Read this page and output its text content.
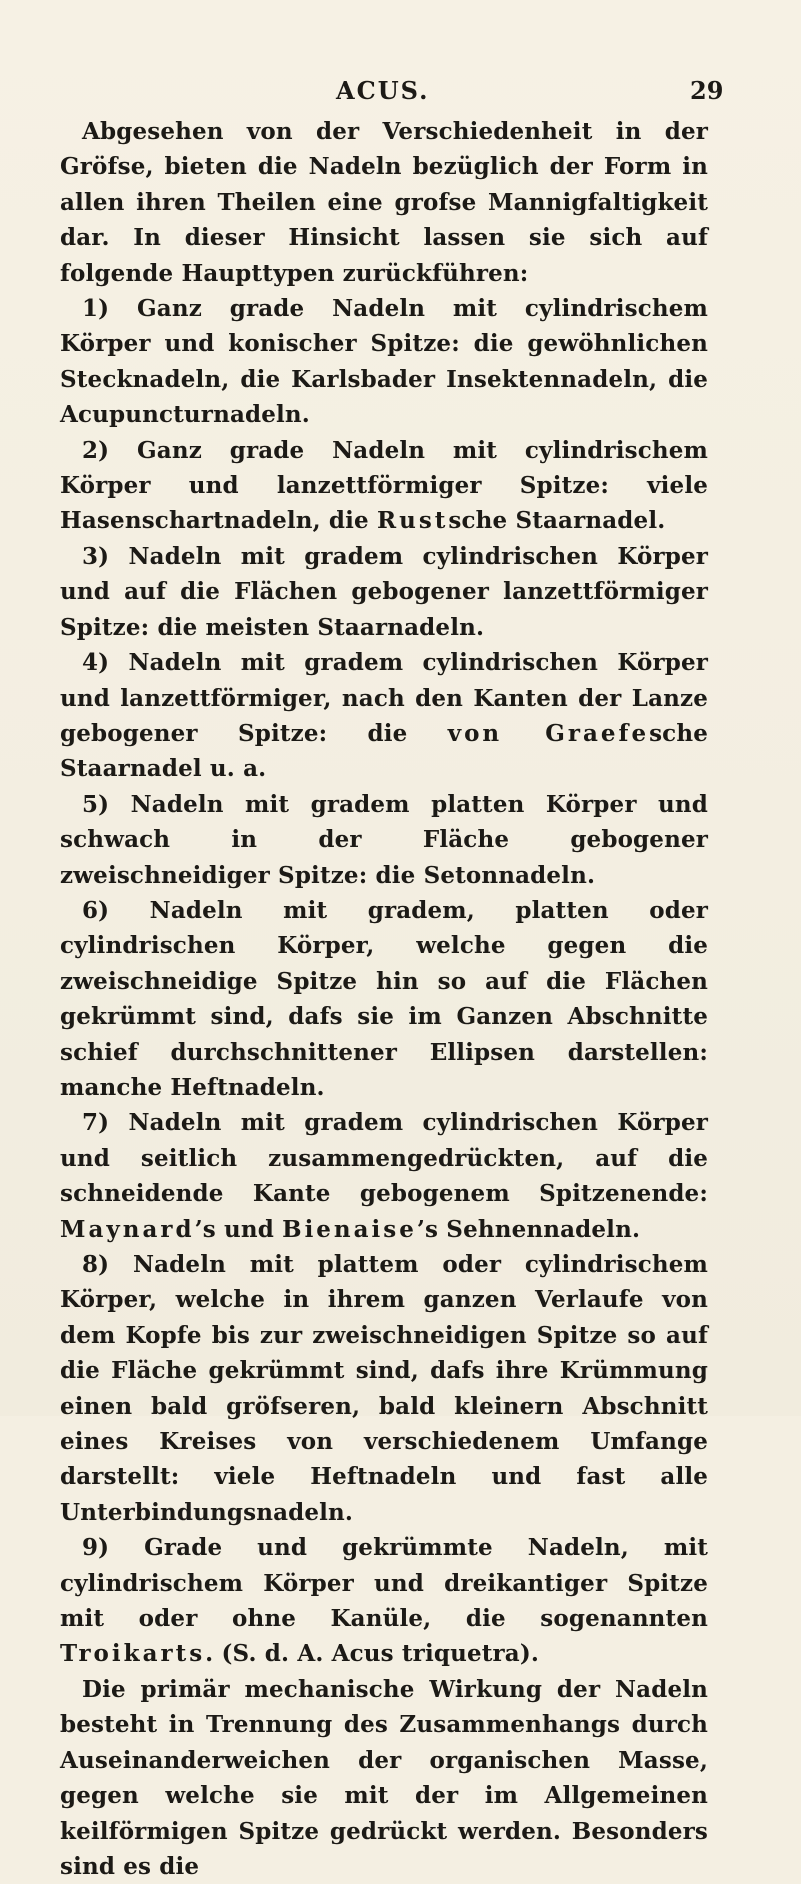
ACUS.	29

Abgesehen von der Verschiedenheit in der Gröfse, bieten die Nadeln bezüglich der Form in allen ihren Theilen eine grofse Mannigfaltigkeit dar. In dieser Hinsicht lassen sie sich auf folgende Haupttypen zurückführen:

1) Ganz grade Nadeln mit cylindrischem Körper und konischer Spitze: die gewöhnlichen Stecknadeln, die Karlsbader Insektennadeln, die Acupuncturnadeln.

2) Ganz grade Nadeln mit cylindrischem Körper und lanzettförmiger Spitze: viele Hasenschartnadeln, die Rustsche Staarnadel.

3) Nadeln mit gradem cylindrischen Körper und auf die Flächen gebogener lanzettförmiger Spitze: die meisten Staarnadeln.

4) Nadeln mit gradem cylindrischen Körper und lanzettförmiger, nach den Kanten der Lanze gebogener Spitze: die von Graefesche Staarnadel u. a.

5) Nadeln mit gradem platten Körper und schwach in der Fläche gebogener zweischneidiger Spitze: die Setonnadeln.

6) Nadeln mit gradem, platten oder cylindrischen Körper, welche gegen die zweischneidige Spitze hin so auf die Flächen gekrümmt sind, dafs sie im Ganzen Abschnitte schief durchschnittener Ellipsen darstellen: manche Heftnadeln.

7) Nadeln mit gradem cylindrischen Körper und seitlich zusammengedrückten, auf die schneidende Kante gebogenem Spitzenende: Maynard’s und Bienaise’s Sehnennadeln.

8) Nadeln mit plattem oder cylindrischem Körper, welche in ihrem ganzen Verlaufe von dem Kopfe bis zur zweischneidigen Spitze so auf die Fläche gekrümmt sind, dafs ihre Krümmung einen bald gröfseren, bald kleinern Abschnitt eines Kreises von verschiedenem Umfange darstellt: viele Heftnadeln und fast alle Unterbindungsnadeln.

9) Grade und gekrümmte Nadeln, mit cylindrischem Körper und dreikantiger Spitze mit oder ohne Kanüle, die sogenannten Troikarts. (S. d. A. Acus triquetra).

Die primär mechanische Wirkung der Nadeln besteht in Trennung des Zusammenhangs durch Auseinanderweichen der organischen Masse, gegen welche sie mit der im Allgemeinen keilförmigen Spitze gedrückt werden. Besonders sind es die
